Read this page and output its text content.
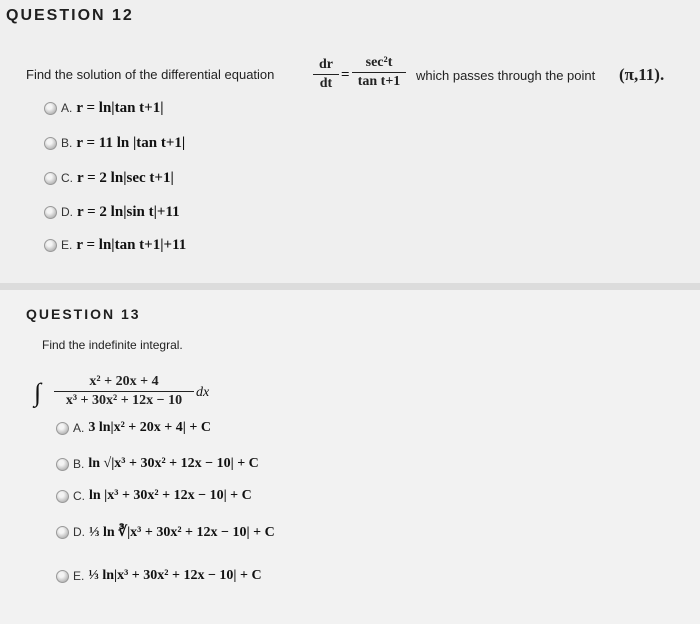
QUESTION 12
Find the solution of the differential equation
dr
dt
=
sec²t
tan t+1	which passes through the point (π,11).
A. r = ln|tan t+1|
B. r = 11 ln |tan t+1|
C. r = 2 ln|sec t+1|
D. r = 2 ln|sin t|+11
E. r = ln|tan t+1|+11
QUESTION 13
Find the indefinite integral.
∫	x² + 20x + 4
x³ + 30x² + 12x − 10
dx
A. 3 ln|x² + 20x + 4| + C
B. ln √|x³ + 30x² + 12x − 10| + C
C. ln |x³ + 30x² + 12x − 10| + C
D. ⅓ ln ∛|x³ + 30x² + 12x − 10| + C
E. ⅓ ln|x³ + 30x² + 12x − 10| + C
